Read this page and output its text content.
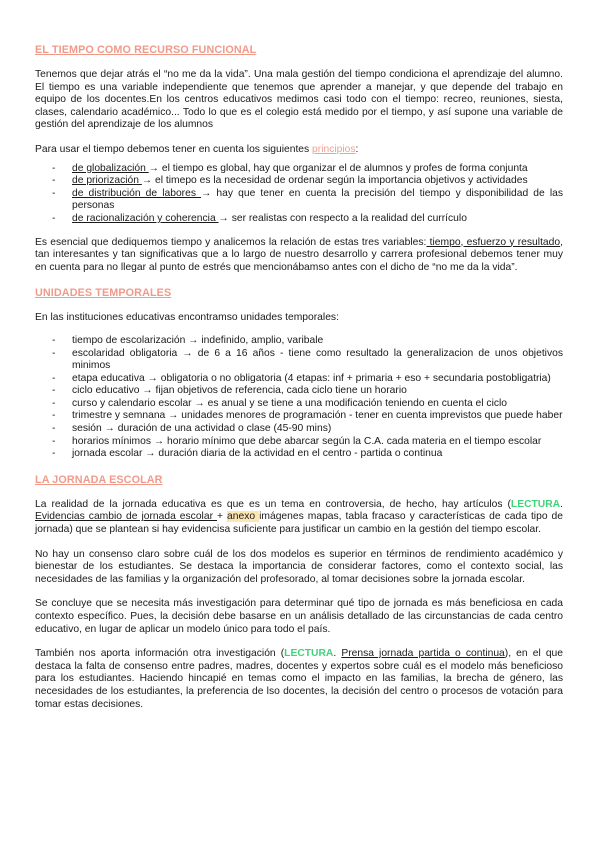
EL TIEMPO COMO RECURSO FUNCIONAL

Tenemos que dejar atrás el “no me da la vida”. Una mala gestión del tiempo condiciona el aprendizaje del alumno. El tiempo es una variable independiente que tenemos que aprender a manejar, y que depende del trabajo en equipo de los docentes.En los centros educativos medimos casi todo con el tiempo: recreo, reuniones, siesta, clases, calendario académico... Todo lo que es el colegio está medido por el tiempo, y así supone una variable de gestión del aprendizaje de los alumnos

Para usar el tiempo debemos tener en cuenta los siguientes principios:

- de globalización → el tiempo es global, hay que organizar el de alumnos y profes de forma conjunta
- de priorización → el timepo es la necesidad de ordenar según la importancia objetivos y actividades
- de distribución de labores → hay que tener en cuenta la precisión del tiempo y disponibilidad de las personas
- de racionalización y coherencia → ser realistas con respecto a la realidad del currículo

Es esencial que dediquemos tiempo y analicemos la relación de estas tres variables: tiempo, esfuerzo y resultado, tan interesantes y tan significativas que a lo largo de nuestro desarrollo y carrera profesional debemos tener muy en cuenta para no llegar al punto de estrés que mencionábamso antes con el dicho de “no me da la vida”.

UNIDADES TEMPORALES

En las instituciones educativas encontramso unidades temporales:

- tiempo de escolarización → indefinido, amplio, varibale
- escolaridad obligatoria → de 6 a 16 años - tiene como resultado la generalizacion de unos objetivos minimos
- etapa educativa → obligatoria o no obligatoria (4 etapas: inf + primaria + eso + secundaria postobligatria)
- ciclo educativo → fijan objetivos de referencia, cada ciclo tiene un horario
- curso y calendario escolar → es anual y se tiene a una modificación teniendo en cuenta el ciclo
- trimestre y semnana → unidades menores de programación - tener en cuenta imprevistos que puede haber
- sesión → duración de una actividad o clase (45-90 mins)
- horarios mínimos → horario mínimo que debe abarcar según la C.A. cada materia en el tiempo escolar
- jornada escolar → duración diaria de la actividad en el centro - partida o continua

LA JORNADA ESCOLAR

La realidad de la jornada educativa es que es un tema en controversia, de hecho, hay artículos (LECTURA. Evidencias cambio de jornada escolar + anexo imágenes mapas, tabla fracaso y características de cada tipo de jornada) que se plantean si hay evidencisa suficiente para justificar un cambio en la gestión del tiempo escolar.

No hay un consenso claro sobre cuál de los dos modelos es superior en términos de rendimiento académico y bienestar de los estudiantes. Se destaca la importancia de considerar factores, como el contexto social, las necesidades de las familias y la organización del profesorado, al tomar decisiones sobre la jornada escolar.

Se concluye que se necesita más investigación para determinar qué tipo de jornada es más beneficiosa en cada contexto específico. Pues, la decisión debe basarse en un análisis detallado de las circunstancias de cada centro educativo, en lugar de aplicar un modelo único para todo el país.

También nos aporta información otra investigación (LECTURA. Prensa jornada partida o continua), en el que destaca la falta de consenso entre padres, madres, docentes y expertos sobre cuál es el modelo más beneficioso para los estudiantes. Haciendo hincapié en temas como el impacto en las familias, la brecha de género, las necesidades de los estudiantes, la preferencia de lso docentes, la decisión del centro o procesos de votación para tomar estas decisiones.
